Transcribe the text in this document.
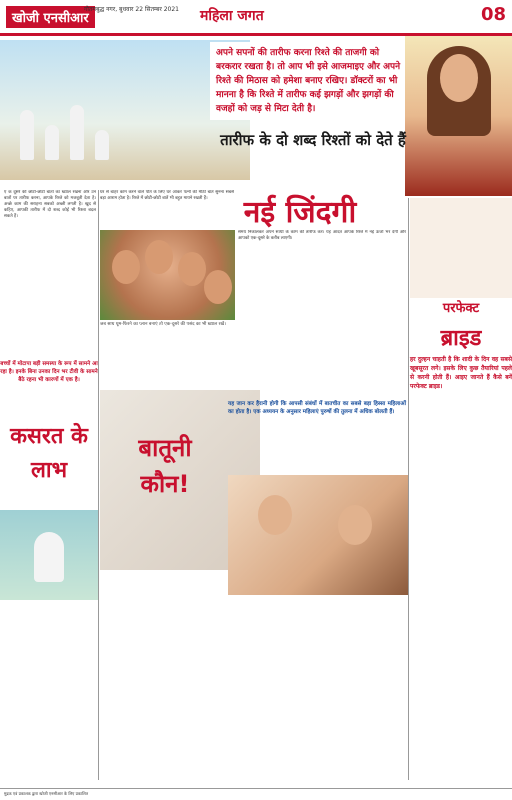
खोजी एनसीआर
गौतमबुद्ध नगर, बुधवार 22 सितम्बर 2021	महिला जगत	08
अपने सपनों की तारीफ करना रिश्ते की ताजगी को बरकरार रखता है। तो आप भी इसे आजमाइए और अपने रिश्ते की मिठास को हमेशा बनाए रखिए। डॉक्टरों का भी मानना है कि रिश्ते में तारीफ कई झगड़ों और झगड़ों की वजहों को जड़ से मिटा देती है।
तारीफ के दो शब्द रिश्तों को देते हैं
नई जिंदगी

ए क दूसरे की छोटी-छोटी बातों का ख्याल रखना और उन बातों पर तारीफ करना, आपके रिश्ते को मजबूती देता है। अच्छे काम की सराहना सबको अच्छी लगती है। खुद से कहिए, आपकी तारीफ में दो शब्द कोई भी रिश्ता बदल सकते हैं।

घर से बाहर काम करने वाले पति के लिए घर आकर पत्नी की मीठी बातें सुनना सबसे बड़ा आराम होता है। रिश्ते में छोटी-छोटी बातें भी बहुत मायने रखती हैं।

समय निकालकर अपने साथी के काम की तारीफ करें। यह आदत आपके रिश्ते में नई ऊर्जा भर देगी और आपको एक-दूसरे के करीब लाएगी।

जब साथ घूम-फिरने का प्लान बनाएं तो एक-दूसरे की पसंद का भी ख्याल रखें।
बच्चों में मोटापा बड़ी समस्या के रूप में सामने आ रहा है। इनके बिना उनका दिन भर टीवी के सामने बैठे रहना भी कारणों में एक है।
कसरत के लाभ
बातूनी कौन!
यह जान कर हैरानी होगी कि आपसी संबंधों में बातचीत का सबसे बड़ा हिस्सा महिलाओं का होता है। एक अध्ययन के अनुसार महिलाएं पुरुषों की तुलना में अधिक बोलती हैं।
परफेक्ट
ब्राइड
हर दुल्हन चाहती है कि शादी के दिन वह सबसे खूबसूरत लगे। इसके लिए कुछ तैयारियां पहले से करनी होती हैं। आइए जानते हैं कैसे बनें परफेक्ट ब्राइड।
मुद्रक एवं प्रकाशक द्वारा खोजी एनसीआर के लिए प्रकाशित
